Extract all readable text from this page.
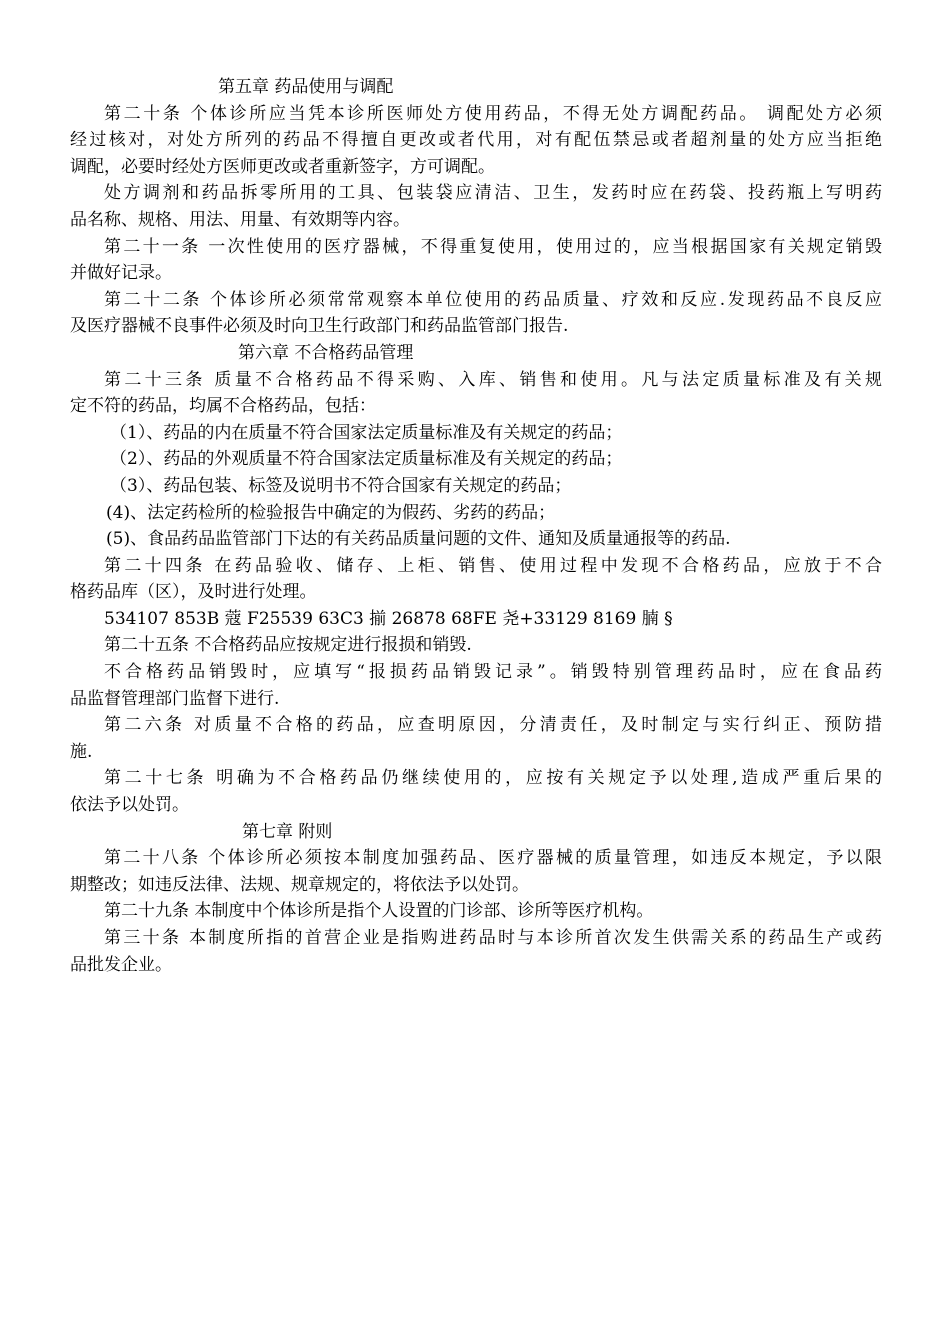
第五章 药品使用与调配
第二十条 个体诊所应当凭本诊所医师处方使用药品，不得无处方调配药品。 调配处方必须
经过核对，对处方所列的药品不得擅自更改或者代用，对有配伍禁忌或者超剂量的处方应当拒绝
调配，必要时经处方医师更改或者重新签字，方可调配。
处方调剂和药品拆零所用的工具、包装袋应清洁、卫生，发药时应在药袋、投药瓶上写明药
品名称、规格、用法、用量、有效期等内容。
第二十一条 一次性使用的医疗器械，不得重复使用，使用过的，应当根据国家有关规定销毁
并做好记录。
第二十二条 个体诊所必须常常观察本单位使用的药品质量、疗效和反应.发现药品不良反应
及医疗器械不良事件必须及时向卫生行政部门和药品监管部门报告.
第六章 不合格药品管理
第二十三条 质量不合格药品不得采购、入库、销售和使用。凡与法定质量标准及有关规
定不符的药品，均属不合格药品，包括：
（1）、药品的内在质量不符合国家法定质量标准及有关规定的药品；
（2）、药品的外观质量不符合国家法定质量标准及有关规定的药品；
（3）、药品包装、标签及说明书不符合国家有关规定的药品；
(4)、法定药检所的检验报告中确定的为假药、劣药的药品；
(5)、食品药品监管部门下达的有关药品质量问题的文件、通知及质量通报等的药品.
第二十四条 在药品验收、储存、上柜、销售、使用过程中发现不合格药品，应放于不合
格药品库（区），及时进行处理。
534107 853B 蔻 F25539 63C3 揃 26878 68FE 尧+33129 8169 腩 §
第二十五条 不合格药品应按规定进行报损和销毁.
不合格药品销毁时，应填写“报损药品销毁记录”。销毁特别管理药品时，应在食品药
品监督管理部门监督下进行.
第二六条 对质量不合格的药品，应查明原因，分清责任，及时制定与实行纠正、预防措
施.
第二十七条 明确为不合格药品仍继续使用的，应按有关规定予以处理,造成严重后果的
依法予以处罚。
第七章 附则
第二十八条 个体诊所必须按本制度加强药品、医疗器械的质量管理，如违反本规定，予以限
期整改；如违反法律、法规、规章规定的，将依法予以处罚。
第二十九条 本制度中个体诊所是指个人设置的门诊部、诊所等医疗机构。
第三十条 本制度所指的首营企业是指购进药品时与本诊所首次发生供需关系的药品生产或药
品批发企业。
